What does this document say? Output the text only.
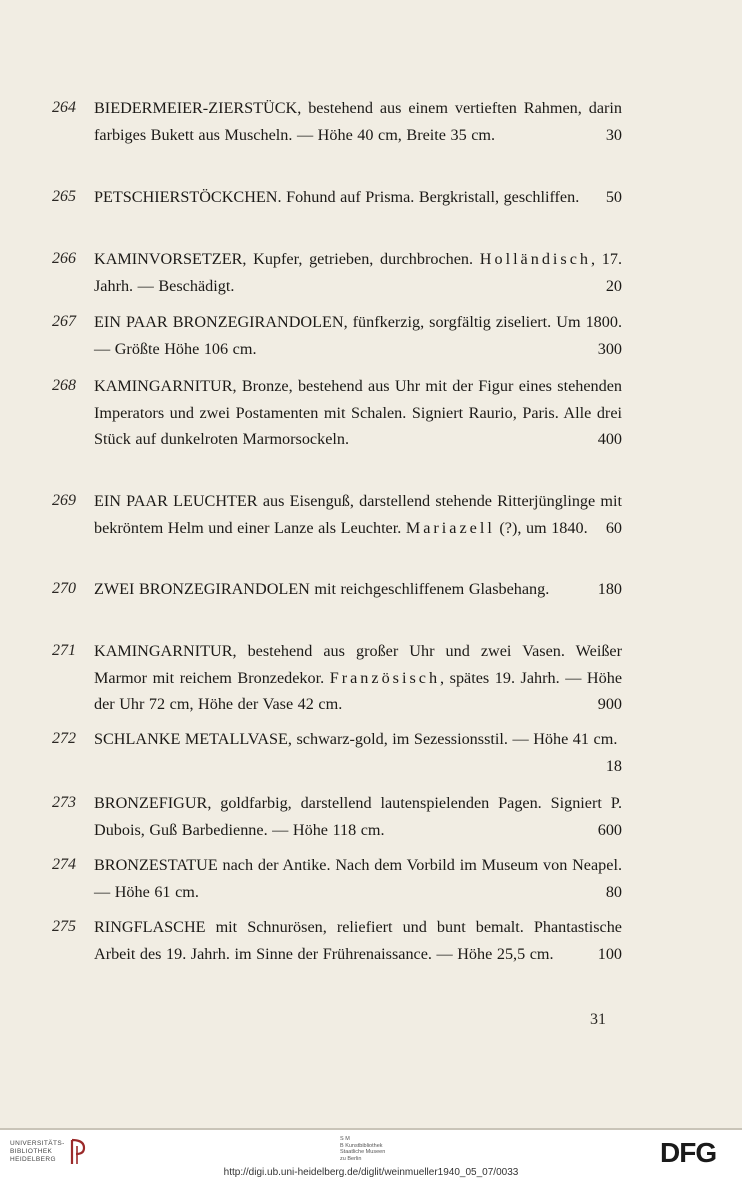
264	BIEDERMEIER-ZIERSTÜCK, bestehend aus einem vertieften Rahmen, darin farbiges Bukett aus Muscheln. — Höhe 40 cm, Breite 35 cm.	30
265	PETSCHIERSTÖCKCHEN. Fohund auf Prisma. Bergkristall, geschliffen. 50
266	KAMINVORSETZER, Kupfer, getrieben, durchbrochen. Holländisch, 17. Jahrh. — Beschädigt.	20
267	EIN PAAR BRONZEGIRANDOLEN, fünfkerzig, sorgfältig ziseliert. Um 1800. — Größte Höhe 106 cm.	300
268	KAMINGARNITUR, Bronze, bestehend aus Uhr mit der Figur eines stehenden Imperators und zwei Postamenten mit Schalen. Signiert Raurio, Paris. Alle drei Stück auf dunkelroten Marmorsockeln.	400
269	EIN PAAR LEUCHTER aus Eisenguß, darstellend stehende Ritterjünglinge mit bekröntem Helm und einer Lanze als Leuchter. Mariazell (?), um 1840. 60
270	ZWEI BRONZEGIRANDOLEN mit reichgeschliffenem Glasbehang.	180
271	KAMINGARNITUR, bestehend aus großer Uhr und zwei Vasen. Weißer Marmor mit reichem Bronzedekor. Französisch, spätes 19. Jahrh. — Höhe der Uhr 72 cm, Höhe der Vase 42 cm.	900
272	SCHLANKE METALLVASE, schwarz-gold, im Sezessionsstil. — Höhe 41 cm.
18
273	BRONZEFIGUR, goldfarbig, darstellend lautenspielenden Pagen. Signiert P. Dubois, Guß Barbedienne. — Höhe 118 cm.	600
274	BRONZESTATUE nach der Antike. Nach dem Vorbild im Museum von Neapel. — Höhe 61 cm.	80
275	RINGFLASCHE mit Schnurösen, reliefiert und bunt bemalt. Phantastische Arbeit des 19. Jahrh. im Sinne der Frührenaissance. — Höhe 25,5 cm.	100
31
UNIVERSITÄTS-
BIBLIOTHEK
HEIDELBERG
S M
B Kunstbibliothek
Staatliche Museen
zu Berlin	DFG
http://digi.ub.uni-heidelberg.de/diglit/weinmueller1940_05_07/0033
